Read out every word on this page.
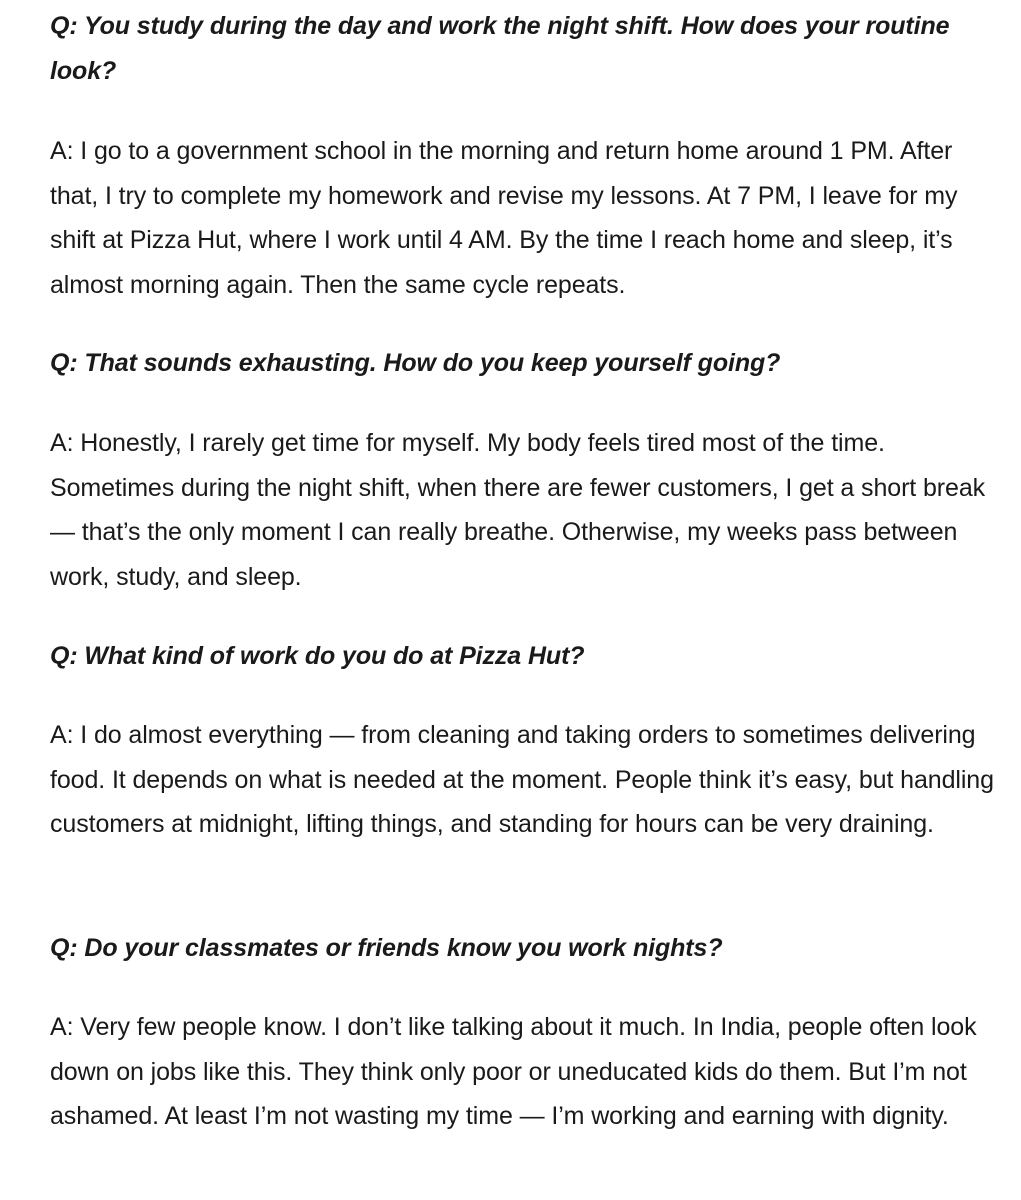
Q: You study during the day and work the night shift. How does your routine look?

A: I go to a government school in the morning and return home around 1 PM. After that, I try to complete my homework and revise my lessons. At 7 PM, I leave for my shift at Pizza Hut, where I work until 4 AM. By the time I reach home and sleep, it’s almost morning again. Then the same cycle repeats.

Q: That sounds exhausting. How do you keep yourself going?

A: Honestly, I rarely get time for myself. My body feels tired most of the time. Sometimes during the night shift, when there are fewer customers, I get a short break — that’s the only moment I can really breathe. Otherwise, my weeks pass between work, study, and sleep.

Q: What kind of work do you do at Pizza Hut?

A: I do almost everything — from cleaning and taking orders to sometimes delivering food. It depends on what is needed at the moment. People think it’s easy, but handling customers at midnight, lifting things, and standing for hours can be very draining.

Q: Do your classmates or friends know you work nights?

A: Very few people know. I don’t like talking about it much. In India, people often look down on jobs like this. They think only poor or uneducated kids do them. But I’m not ashamed. At least I’m not wasting my time — I’m working and earning with dignity.
